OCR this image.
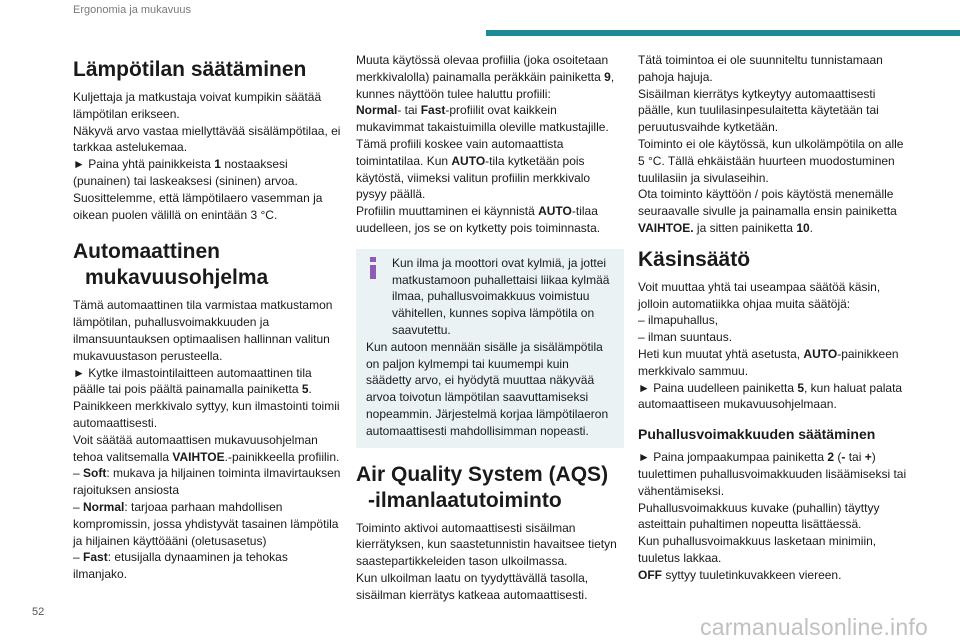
Ergonomia ja mukavuus
Lämpötilan säätäminen

Kuljettaja ja matkustaja voivat kumpikin säätää lämpötilan erikseen.

Näkyvä arvo vastaa miellyttävää sisälämpötilaa, ei tarkkaa astelukemaa.

► Paina yhtä painikkeista 1 nostaaksesi (punainen) tai laskeaksesi (sininen) arvoa.

Suosittelemme, että lämpötilaero vasemman ja oikean puolen välillä on enintään 3 °C.

Automaattinen
mukavuusohjelma

Tämä automaattinen tila varmistaa matkustamon lämpötilan, puhallusvoimakkuuden ja ilmansuuntauksen optimaalisen hallinnan valitun mukavuustason perusteella.

► Kytke ilmastointilaitteen automaattinen tila päälle tai pois päältä painamalla painiketta 5.

Painikkeen merkkivalo syttyy, kun ilmastointi toimii automaattisesti.

Voit säätää automaattisen mukavuusohjelman tehoa valitsemalla VAIHTOE.-painikkeella profiilin.

– Soft: mukava ja hiljainen toiminta ilmavirtauksen rajoituksen ansiosta

– Normal: tarjoaa parhaan mahdollisen kompromissin, jossa yhdistyvät tasainen lämpötila ja hiljainen käyttöääni (oletusasetus)

– Fast: etusijalla dynaaminen ja tehokas ilmanjako.

Muuta käytössä olevaa profiilia (joka osoitetaan merkkivalolla) painamalla peräkkäin painiketta 9, kunnes näyttöön tulee haluttu profiili:

Normal- tai Fast-profiilit ovat kaikkein mukavimmat takaistuimilla oleville matkustajille.

Tämä profiili koskee vain automaattista toimintatilaa. Kun AUTO-tila kytketään pois käytöstä, viimeksi valitun profiilin merkkivalo pysyy päällä.

Profiilin muuttaminen ei käynnistä AUTO-tilaa uudelleen, jos se on kytketty pois toiminnasta.

Kun ilma ja moottori ovat kylmiä, ja jottei matkustamoon puhallettaisi liikaa kylmää ilmaa, puhallusvoimakkuus voimistuu vähitellen, kunnes sopiva lämpötila on saavutettu.

Kun autoon mennään sisälle ja sisälämpötila on paljon kylmempi tai kuumempi kuin säädetty arvo, ei hyödytä muuttaa näkyvää arvoa toivotun lämpötilan saavuttamiseksi nopeammin. Järjestelmä korjaa lämpötilaeron automaattisesti mahdollisimman nopeasti.

Air Quality System (AQS)
-ilmanlaatutoiminto

Toiminto aktivoi automaattisesti sisäilman kierrätyksen, kun saastetunnistin havaitsee tietyn saastepartikkeleiden tason ulkoilmassa.

Kun ulkoilman laatu on tyydyttävällä tasolla, sisäilman kierrätys katkeaa automaattisesti.

Tätä toimintoa ei ole suunniteltu tunnistamaan pahoja hajuja.

Sisäilman kierrätys kytkeytyy automaattisesti päälle, kun tuulilasinpesulaitetta käytetään tai peruutusvaihde kytketään.

Toiminto ei ole käytössä, kun ulkolämpötila on alle 5 °C. Tällä ehkäistään huurteen muodostuminen tuulilasiin ja sivulaseihin.

Ota toiminto käyttöön / pois käytöstä menemälle seuraavalle sivulle ja painamalla ensin painiketta VAIHTOE. ja sitten painiketta 10.

Käsinsäätö

Voit muuttaa yhtä tai useampaa säätöä käsin, jolloin automatiikka ohjaa muita säätöjä:

– ilmapuhallus,

– ilman suuntaus.

Heti kun muutat yhtä asetusta, AUTO-painikkeen merkkivalo sammuu.

► Paina uudelleen painiketta 5, kun haluat palata automaattiseen mukavuusohjelmaan.

Puhallusvoimakkuuden säätäminen

► Paina jompaakumpaa painiketta 2 (- tai +) tuulettimen puhallusvoimakkuuden lisäämiseksi tai vähentämiseksi.

Puhallusvoimakkuus kuvake (puhallin) täyttyy asteittain puhaltimen nopeutta lisättäessä.

Kun puhallusvoimakkuus lasketaan minimiin, tuuletus lakkaa.

OFF syttyy tuuletinkuvakkeen viereen.

52
carmanualsonline.info
